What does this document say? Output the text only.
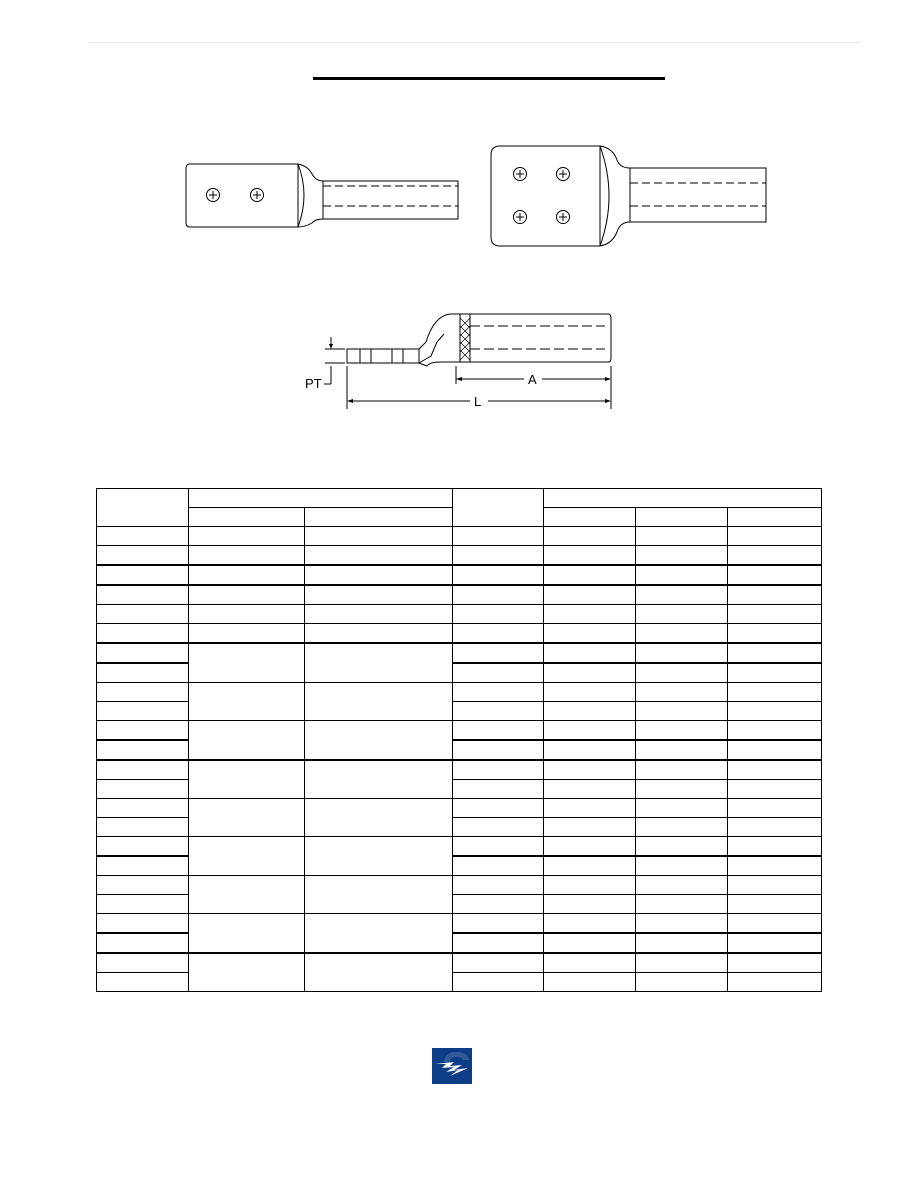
PT	A
L
